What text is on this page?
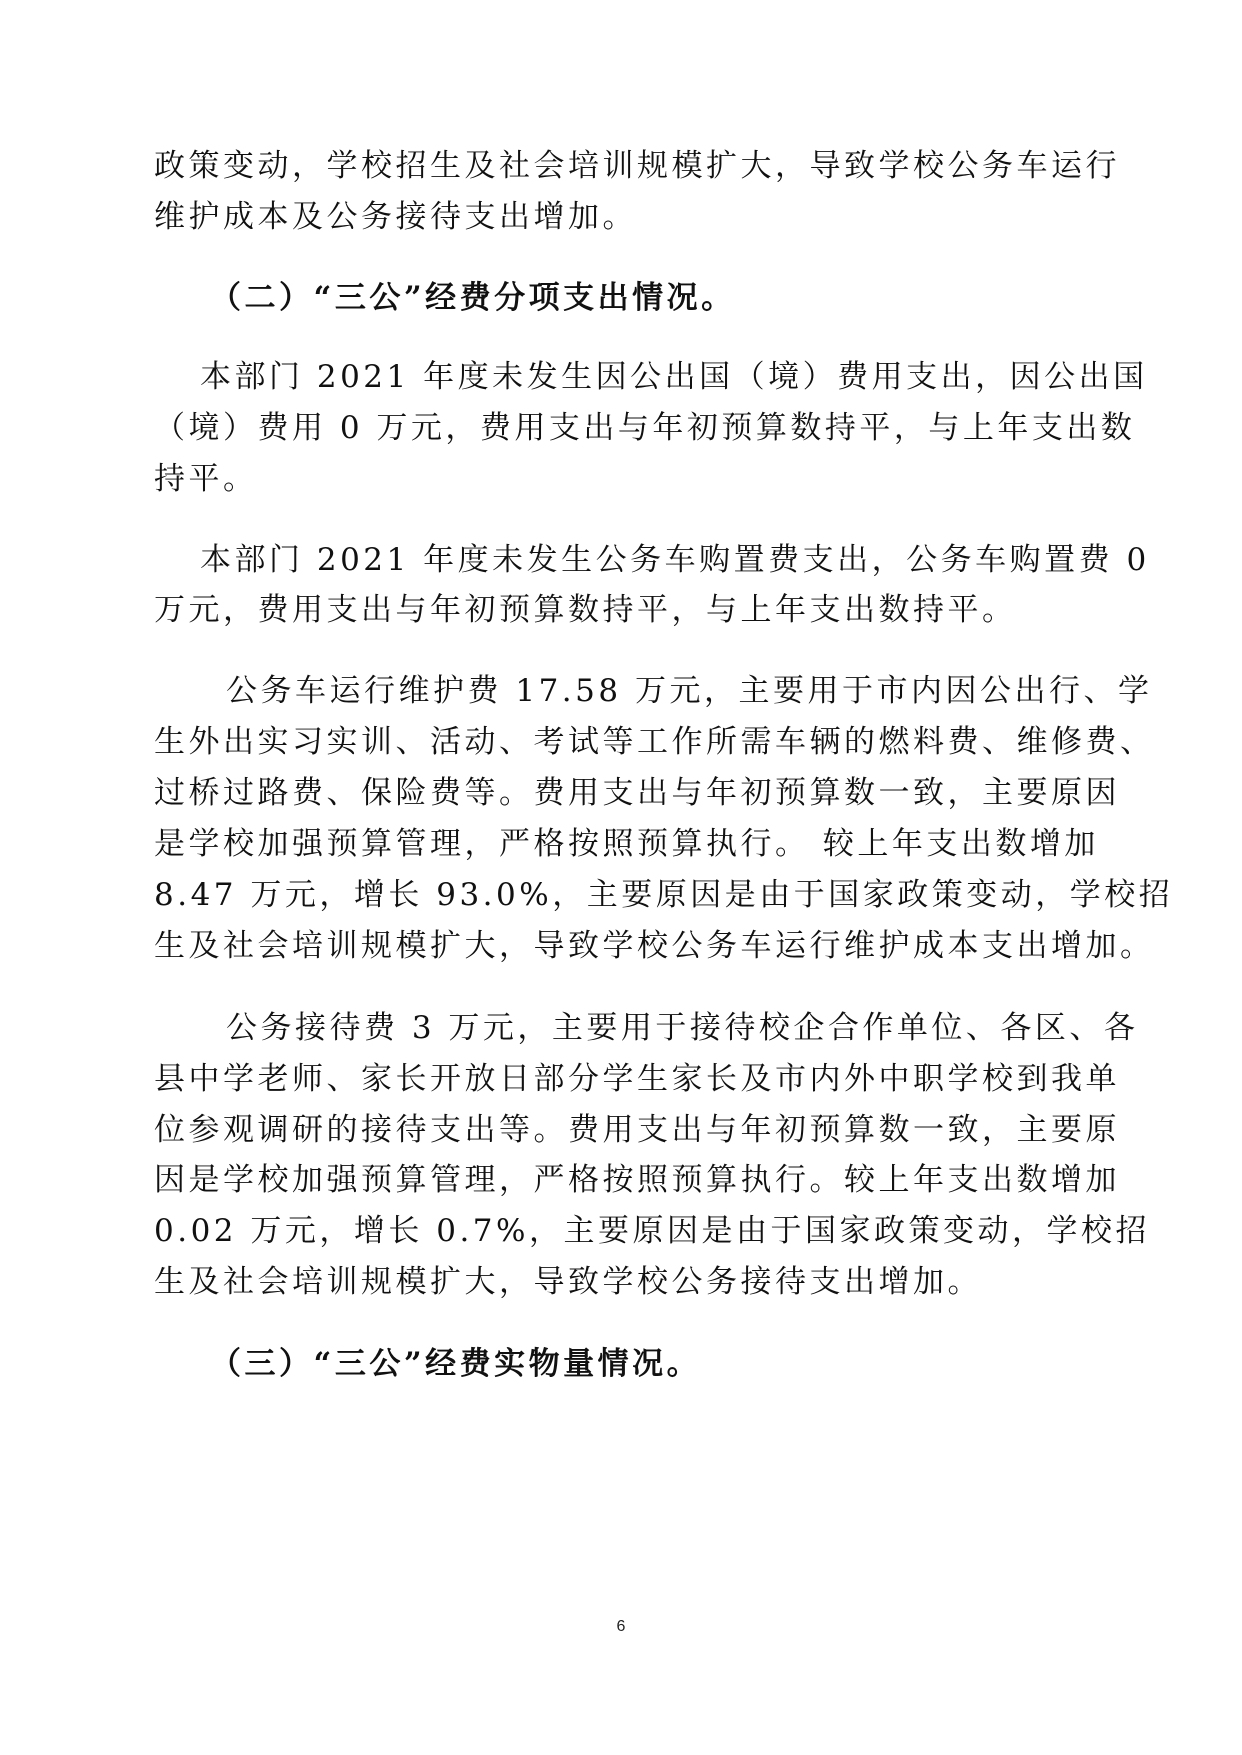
政策变动，学校招生及社会培训规模扩大，导致学校公务车运行
维护成本及公务接待支出增加。
（二）“三公”经费分项支出情况。
本部门 2021 年度未发生因公出国（境）费用支出，因公出国
（境）费用 0 万元，费用支出与年初预算数持平，与上年支出数
持平。
本部门 2021 年度未发生公务车购置费支出，公务车购置费 0
万元，费用支出与年初预算数持平，与上年支出数持平。
公务车运行维护费 17.58 万元，主要用于市内因公出行、学
生外出实习实训、活动、考试等工作所需车辆的燃料费、维修费、
过桥过路费、保险费等。费用支出与年初预算数一致，主要原因
是学校加强预算管理，严格按照预算执行。 较上年支出数增加
8.47 万元，增长 93.0%，主要原因是由于国家政策变动，学校招
生及社会培训规模扩大，导致学校公务车运行维护成本支出增加。
公务接待费 3 万元，主要用于接待校企合作单位、各区、各
县中学老师、家长开放日部分学生家长及市内外中职学校到我单
位参观调研的接待支出等。费用支出与年初预算数一致，主要原
因是学校加强预算管理，严格按照预算执行。较上年支出数增加
0.02 万元，增长 0.7%，主要原因是由于国家政策变动，学校招
生及社会培训规模扩大，导致学校公务接待支出增加。
（三）“三公”经费实物量情况。
6
